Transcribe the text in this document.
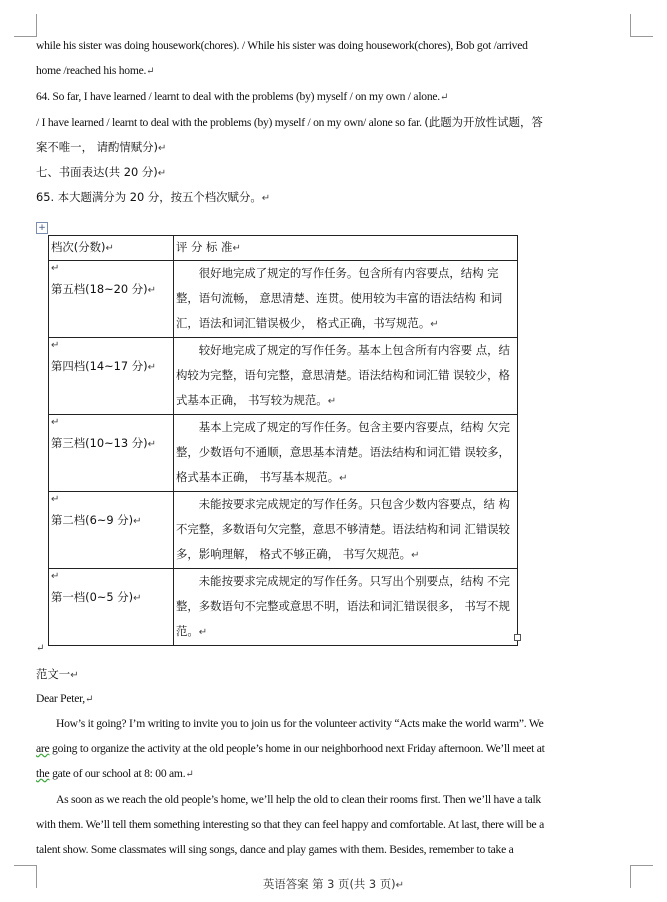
while his sister was doing housework(chores). / While his sister was doing housework(chores), Bob got /arrived
home /reached his home.↵
64. So far, I have learned / learnt to deal with the problems (by) myself / on my own / alone.↵
/ I have learned / learnt to deal with the problems (by) myself / on my own/ alone so far. (此题为开放性试题，答
案不唯一， 请酌情赋分)↵
七、书面表达(共 20 分)↵
65. 本大题满分为 20 分，按五个档次赋分。↵
+
档次(分数)↵	评 分 标 准↵

↵
第五档(18~20 分)↵	　　很好地完成了规定的写作任务。包含所有内容要点，结构 完整，语句流畅， 意思清楚、连贯。使用较为丰富的语法结构 和词汇，语法和词汇错误极少， 格式正确，书写规范。↵

↵
第四档(14~17 分)↵	　　较好地完成了规定的写作任务。基本上包含所有内容要 点，结构较为完整，语句完整，意思清楚。语法结构和词汇错 误较少，格式基本正确， 书写较为规范。↵

↵
第三档(10~13 分)↵	　　基本上完成了规定的写作任务。包含主要内容要点，结构 欠完整，少数语句不通顺，意思基本清楚。语法结构和词汇错 误较多，格式基本正确， 书写基本规范。↵

↵
第二档(6~9 分)↵	　　未能按要求完成规定的写作任务。只包含少数内容要点，结 构不完整，多数语句欠完整，意思不够清楚。语法结构和词 汇错误较多，影响理解， 格式不够正确， 书写欠规范。↵

↵
第一档(0~5 分)↵	　　未能按要求完成规定的写作任务。只写出个别要点，结构 不完整，多数语句不完整或意思不明，语法和词汇错误很多， 书写不规范。↵
↵
范文一↵
Dear Peter,↵
How’s it going? I’m writing to invite you to join us for the volunteer activity “Acts make the world warm”. We
are going to organize the activity at the old people’s home in our neighborhood next Friday afternoon. We’ll meet at
the gate of our school at 8: 00 am.↵
As soon as we reach the old people’s home, we’ll help the old to clean their rooms first. Then we’ll have a talk
with them. We’ll tell them something interesting so that they can feel happy and comfortable. At last, there will be a
talent show. Some classmates will sing songs, dance and play games with them. Besides, remember to take a
英语答案 第 3 页(共 3 页)↵
